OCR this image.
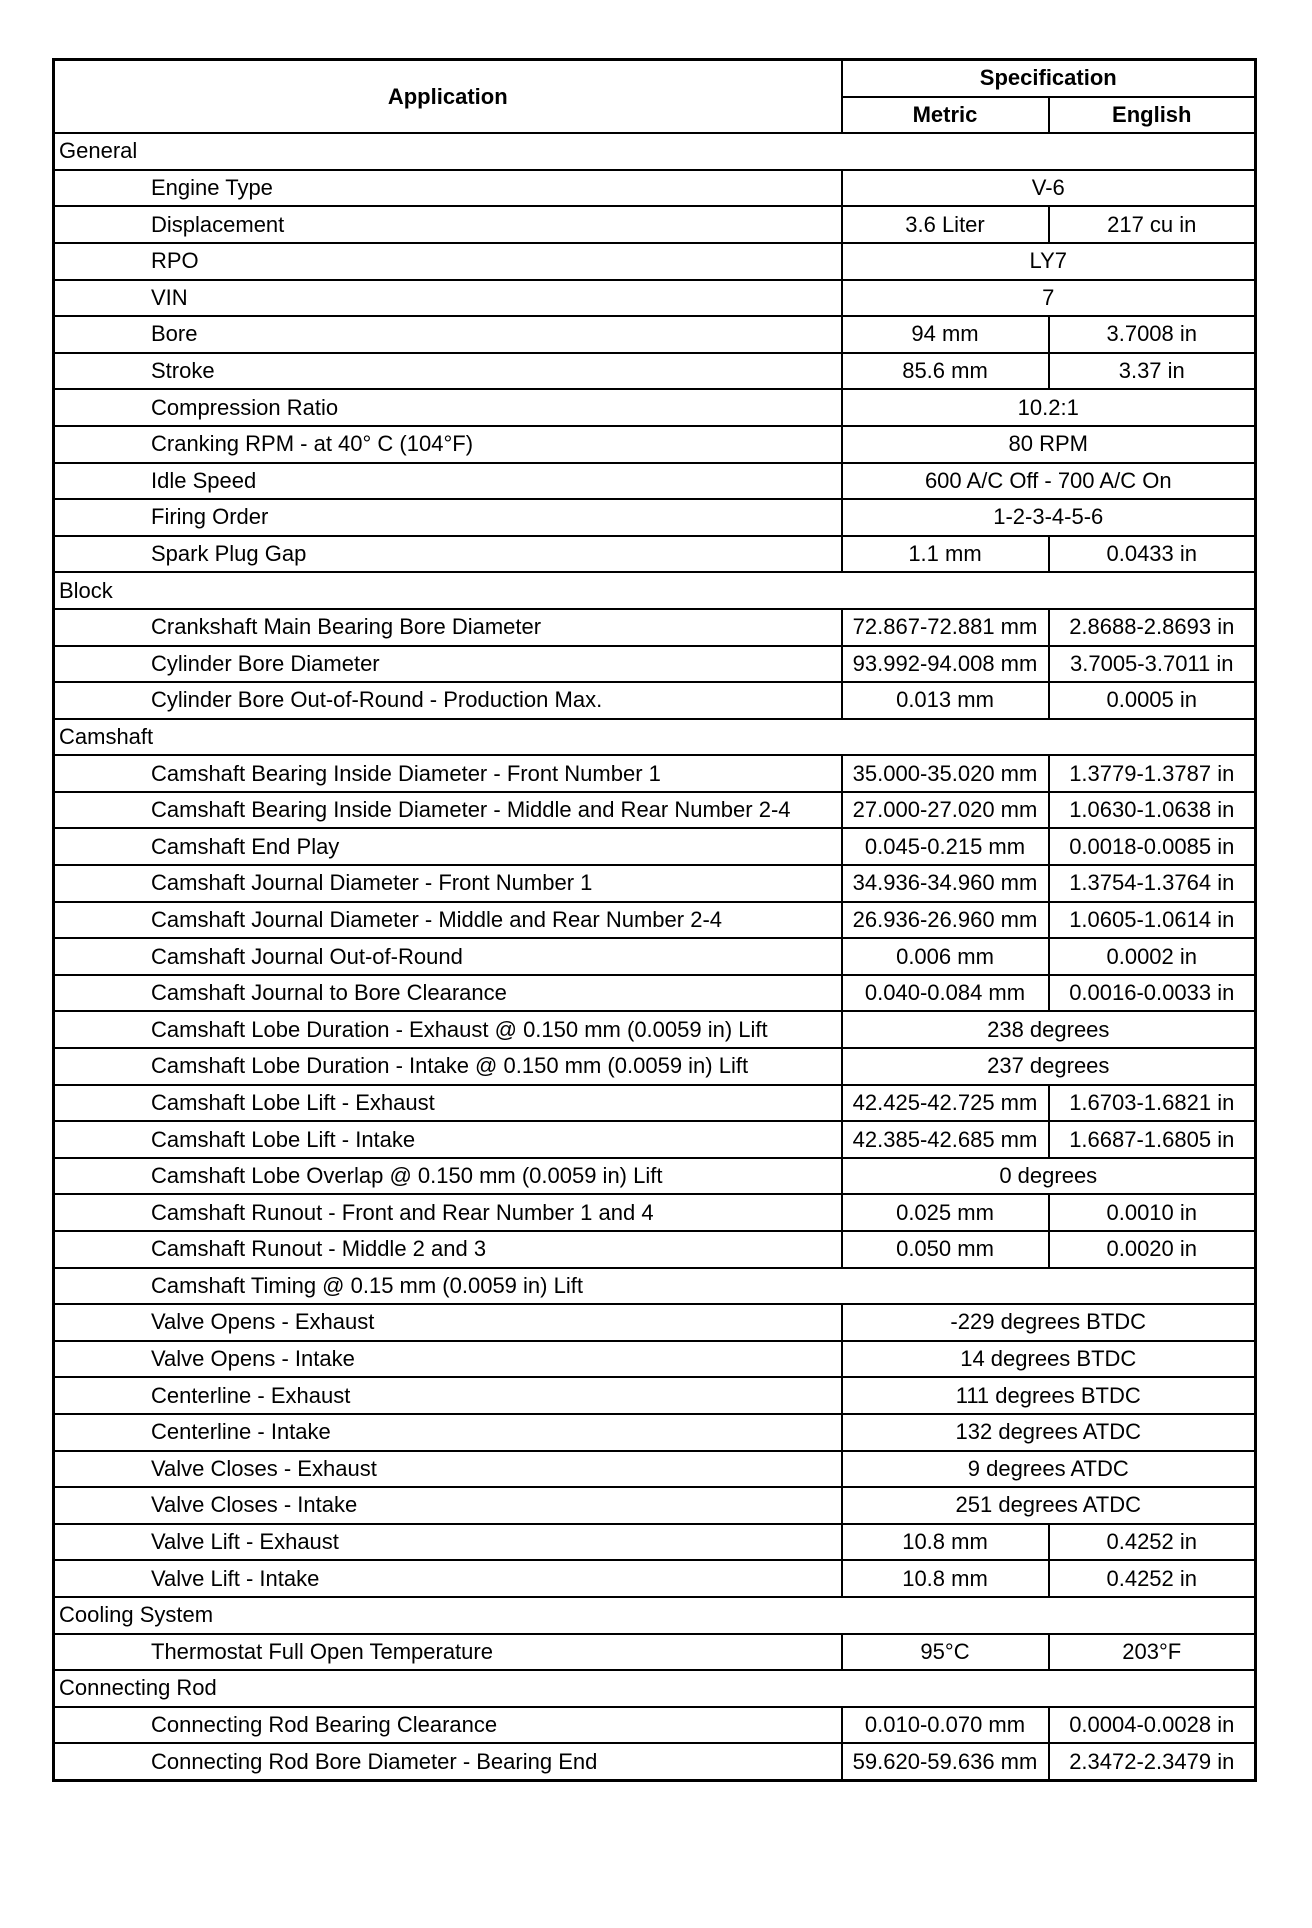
Application	Specification	
	Metric	English
General		
Engine Type	V-6	
Displacement	3.6 Liter	217 cu in
RPO	LY7	
VIN	7	
Bore	94 mm	3.7008 in
Stroke	85.6 mm	3.37 in
Compression Ratio	10.2:1	
Cranking RPM - at 40° C (104°F)	80 RPM	
Idle Speed	600 A/C Off - 700 A/C On	
Firing Order	1-2-3-4-5-6	
Spark Plug Gap	1.1 mm	0.0433 in
Block		
Crankshaft Main Bearing Bore Diameter	72.867-72.881 mm	2.8688-2.8693 in
Cylinder Bore Diameter	93.992-94.008 mm	3.7005-3.7011 in
Cylinder Bore Out-of-Round - Production Max.	0.013 mm	0.0005 in
Camshaft		
Camshaft Bearing Inside Diameter - Front Number 1	35.000-35.020 mm	1.3779-1.3787 in
Camshaft Bearing Inside Diameter - Middle and Rear Number 2-4	27.000-27.020 mm	1.0630-1.0638 in
Camshaft End Play	0.045-0.215 mm	0.0018-0.0085 in
Camshaft Journal Diameter - Front Number 1	34.936-34.960 mm	1.3754-1.3764 in
Camshaft Journal Diameter - Middle and Rear Number 2-4	26.936-26.960 mm	1.0605-1.0614 in
Camshaft Journal Out-of-Round	0.006 mm	0.0002 in
Camshaft Journal to Bore Clearance	0.040-0.084 mm	0.0016-0.0033 in
Camshaft Lobe Duration - Exhaust @ 0.150 mm (0.0059 in) Lift	238 degrees	
Camshaft Lobe Duration - Intake @ 0.150 mm (0.0059 in) Lift	237 degrees	
Camshaft Lobe Lift - Exhaust	42.425-42.725 mm	1.6703-1.6821 in
Camshaft Lobe Lift - Intake	42.385-42.685 mm	1.6687-1.6805 in
Camshaft Lobe Overlap @ 0.150 mm (0.0059 in) Lift	0 degrees	
Camshaft Runout - Front and Rear Number 1 and 4	0.025 mm	0.0010 in
Camshaft Runout - Middle 2 and 3	0.050 mm	0.0020 in
Camshaft Timing @ 0.15 mm (0.0059 in) Lift		
Valve Opens - Exhaust	-229 degrees BTDC	
Valve Opens - Intake	14 degrees BTDC	
Centerline - Exhaust	111 degrees BTDC	
Centerline - Intake	132 degrees ATDC	
Valve Closes - Exhaust	9 degrees ATDC	
Valve Closes - Intake	251 degrees ATDC	
Valve Lift - Exhaust	10.8 mm	0.4252 in
Valve Lift - Intake	10.8 mm	0.4252 in
Cooling System		
Thermostat Full Open Temperature	95°C	203°F
Connecting Rod		
Connecting Rod Bearing Clearance	0.010-0.070 mm	0.0004-0.0028 in
Connecting Rod Bore Diameter - Bearing End	59.620-59.636 mm	2.3472-2.3479 in
